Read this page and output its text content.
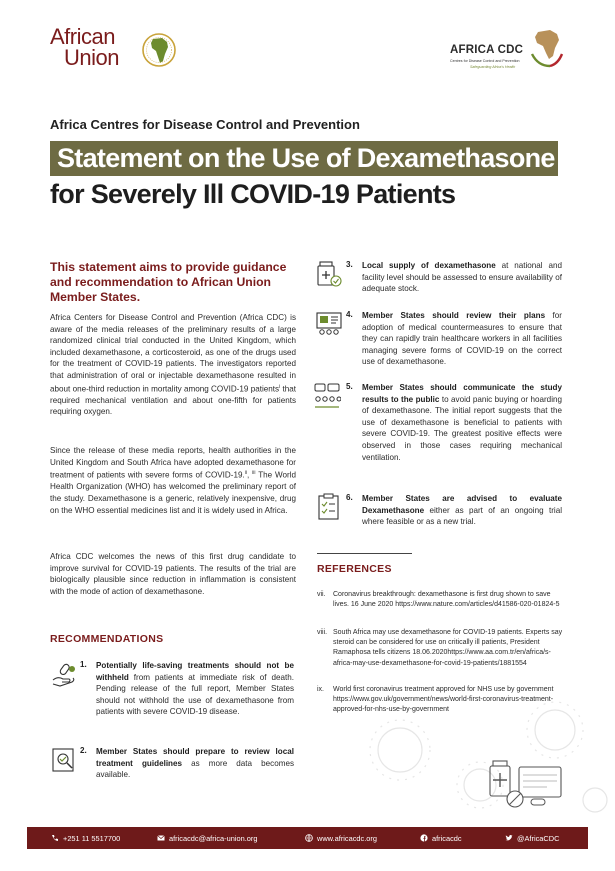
African
Union	AFRICA CDC
Centres for Disease Control and Prevention
Safeguarding Africa's Health
Africa Centres for Disease Control and Prevention
Statement on the Use of Dexamethasone
for Severely Ill COVID-19 Patients
This statement aims to provide guidance and recommendation to African Union Member States.
Africa Centers for Disease Control and Prevention (Africa CDC) is aware of the media releases of the preliminary results of a large randomized clinical trial conducted in the United Kingdom, which included dexamethasone, a corticosteroid, as one of the drugs used for the treatment of COVID-19 patients. The investigators reported that administration of oral or injectable dexamethasone resulted in about one-third reduction in mortality among COVID-19 patients$^i$ that required mechanical ventilation and about one-fifth for patients requiring oxygen.
Since the release of these media reports, health authorities in the United Kingdom and South Africa have adopted dexamethasone for treatment of patients with severe forms of COVID-19.$^{ii}$, $^{iii}$ The World Health Organization (WHO) has welcomed the preliminary report of the study. Dexamethasone is a generic, relatively inexpensive, drug on the WHO essential medicines list and it is widely used in Africa.
Africa CDC welcomes the news of this first drug candidate to improve survival for COVID-19 patients. The results of the trial are biologically plausible since reduction in inflammation is consistent with the mode of action of dexamethasone.
RECOMMENDATIONS
1. Potentially life-saving treatments should not be withheld from patients at immediate risk of death. Pending release of the full report, Member States should not withhold the use of dexamethasone from patients with severe COVID-19 disease.
2. Member States should prepare to review local treatment guidelines as more data becomes available.
3. Local supply of dexamethasone at national and facility level should be assessed to ensure availability of adequate stock.
4. Member States should review their plans for adoption of medical countermeasures to ensure that they can rapidly train healthcare workers in all facilities managing severe forms of COVID-19 on the correct use of dexamethasone.
5. Member States should communicate the study results to the public to avoid panic buying or hoarding of dexamethasone. The initial report suggests that the use of dexamethasone is beneficial to patients with severe COVID-19. The greatest positive effects were observed in those cases requiring mechanical ventilation.
6. Member States are advised to evaluate Dexamethasone either as part of an ongoing trial where feasible or as a new trial.
REFERENCES
vii. Coronavirus breakthrough: dexamethasone is first drug shown to save lives. 16 June 2020 https://www.nature.com/articles/d41586-020-01824-5
viii. South Africa may use dexamethasone for COVID-19 patients. Experts say steroid can be considered for use on critically ill patients, President Ramaphosa tells citizens 18.06.2020https://www.aa.com.tr/en/africa/s-africa-may-use-dexamethasone-for-covid-19-patients/1881554
ix. World first coronavirus treatment approved for NHS use by government https://www.gov.uk/government/news/world-first-coronavirus-treatment-approved-for-nhs-use-by-government
+251 11 5517700	africacdc@africa-union.org	www.africacdc.org	africacdc	@AfricaCDC
